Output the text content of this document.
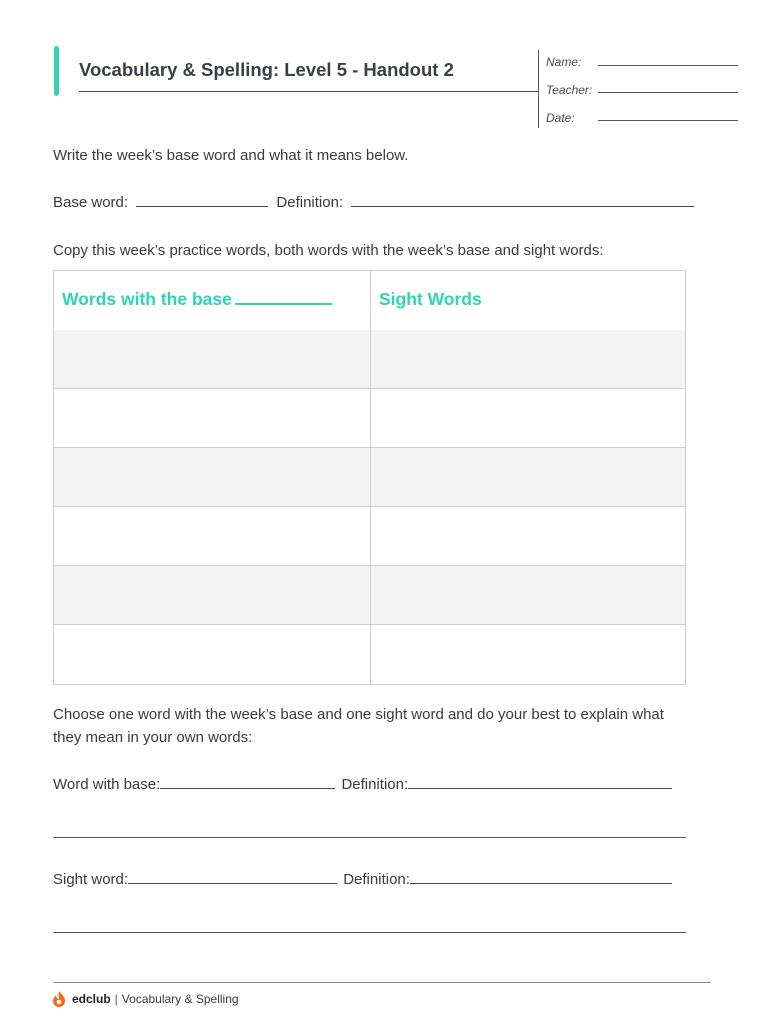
Vocabulary & Spelling: Level 5 - Handout 2	Name:
Teacher:
Date:
Write the week’s base word and what it means below.
Base word:	Definition:
Copy this week’s practice words, both words with the week’s base and sight words:
Words with the base	Sight Words
Choose one word with the week’s base and one sight word and do your best to explain what
they mean in your own words:
Word with base:	Definition:
Sight word:	Definition:
edclub | Vocabulary & Spelling
